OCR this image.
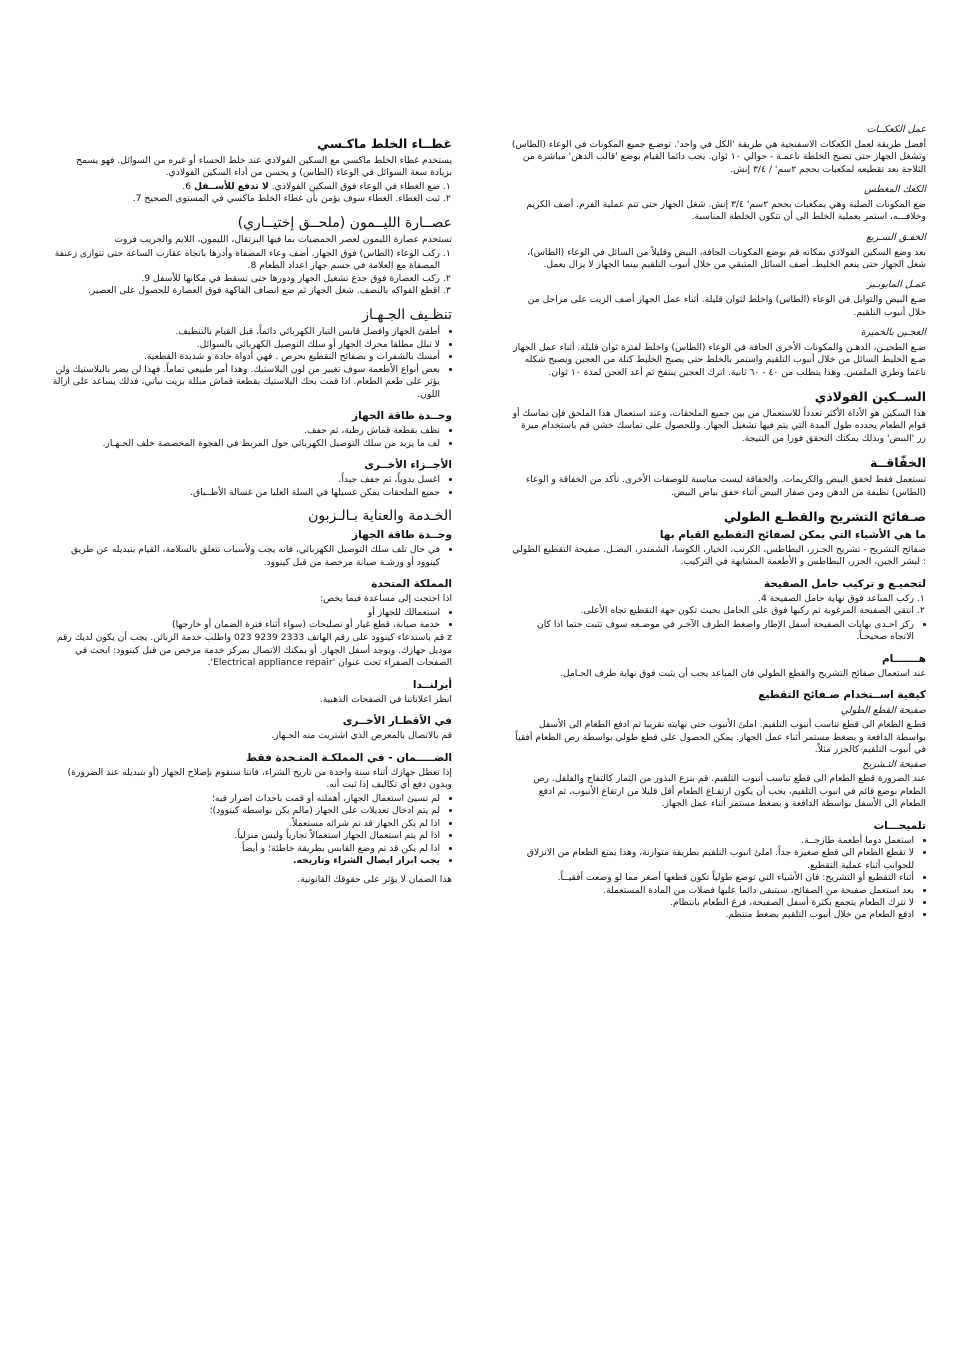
عمل الكعكــات

أفضل طريقة لعمل الكعكات الاسفنجية هي طريقة 'الكل في واحد'. توضـع جميع المكونات في الوعاء (الطاس) وتشغل الجهاز حتى تصبح الخلطة ناعمـة - حوالي ١٠ ثوان. يجب دائما القيام بوضع 'قالب الدهن' مباشرة من الثلاجة بعد تقطيعه لمكعبات بحجم ٢سم' / ٣/٤ إنش.

الكعك المغطس

ضع المكونات الصلبة وهي بمكعبات بحجم ٢سم' ٣/٤ إنش. شغل الجهاز حتى تتم عملية الفرم. أضف الكريم وخلافـــه، استمر بعملية الخلط الى أن تتكون الخلطة المناسبة.

الخفـق السـريع

بعد وضع السكين الفولاذي بمكانه قم بوضع المكونات الجافة، البيض وقليلاً من السائل في الوعاء (الطاس)، شغل الجهاز حتى ينعم الخليط. أضف السائل المتبقي من خلال أنبوب التلقيم بينما الجهاز لا يزال يعمل.

عمـل المايونـيز

ضـع البيض والتوابل في الوعاء (الطاس) واخلط لثوان قليلة. أثناء عمل الجهاز أضف الزيت على مراحل من خلال أنبوب التلقيم.

العجـين بالخميرة

ضـع الطحيـن، الدهـن والمكونات الأخرى الجافة في الوعاء (الطاس) واخلط لفترة ثوان قليلة. أثناء عمل الجهاز ضـع الخليط السائل من خلال أنبوب التلقيم واستمر بالخلط حتى يصبح الخليط كتلة من العجين ويصبح شكله ناعما وطري الملمس. وهذا يتطلب من ٤٠ - ٦٠ ثانية. اترك العجين ينتفخ ثم أعد العجن لمدة ١٠ ثوان.

الســكين الفولاذي

هذا السكين هو الأداة الأكثر تعدداً للاستعمال من بين جميع الملحقات، وعند استعمال هذا الملحق فإن تماسك أو قوام الطعام يحدده طول المدة التي يتم فيها تشغيل الجهاز. وللحصول على تماسك خشن قم باستخدام ميزة زر 'النبض' وبذلك يمكنك التحقق فورا من النتيجة.

الخفّاقــة

تستعمل فقط لخفق البيض والكريمات. والخفاقة ليست مناسبة للوصفات الأخرى. تأكد من الخفاقة و الوعاء (الطاس) نظيفة من الدهن ومن صفار البيض أثناء خفق بياض البيض.

صـفائح التشريح والقطـع الطولي
ما هي الأشياء التي يمكن لصفائح التقطيع القيام بها

صفائح التشريح - تشريح الجـزر، البطاطس، الكرنب، الخيار، الكوسا، الشمندر، البصـل. صفيحة التقطيع الطولي : لبشر الجبن، الجزر، البطاطس و الأطعمة المشابهة في التركيب.

لتجميـع و تركيب حامل الصفيحة
1. ركب المباعد فوق نهاية حامل الصفيحة 4.
2. انتقي الصفيحة المرغوبة ثم ركبها فوق على الحامل بحيث تكون جهة التقطيع تجاه الأعلى.
• ركز احـدى نهايات الصفيحة أسفل الإطار واضغط الطرف الآخـر في موضـعه سوف تثبت حتما اذا كان الاتجاه صحيحـاً.
هـــــــام

عند استعمال صفائح التشريح والقطع الطولي فان المباعد يجب أن يثبت فوق نهاية طرف الحـامل.

كيفية اســتخدام صـفائح التقطيع
صفيحة القطع الطولي

قطـع الطعام الى قطع تناسب أنبوب التلقيم. املئ الأنبوب حتى نهايته تقريبا ثم ادفع الطعام الى الأسفل بواسطة الدافعة و بضغط مستمر أثناء عمل الجهاز. يمكن الحصول على قطع طولي بواسطة رص الطعام أفقياً في أنبوب التلقيم كالجزر مثلاً.

صفيحة التـشريح

عند الضرورة قطع الطعام الى قطع تناسب أنبوب التلقيم. قم بنزع البذور من الثمار كالتفاح والفلفل. رص الطعام بوضع قائم في انبوب التلقيم، يجب أن يكون ارتفـاع الطعام أقل قليلا من ارتفاع الأنبوب، ثم ادفع الطعام الى الأسفل بواسطة الدافعة و بضغط مستمر أثناء عمل الجهاز.

تلميحـــات
• استعمل دوما أطعمة طازجــة.
• لا تقطع الطعام الى قطع صغيرة جداً. املئ انبوب التلقيم بطريقة متوازنة، وهذا يمنع الطعام من الانزلاق للجوانب أثناء عملية التقطيع.
• أثناء التقطيع أو التشريح: فان الأشياء التي توضع طولياً تكون قطعها أصغر مما لو وضعت أفقيــاً.
• بعد استعمل صفيحة من الصفائح، سيتبقى دائما عليها فضلات من المادة المستعملة.
• لا تترك الطعام يتجمع بكثرة أسفل الصفيحة، فرغ الطعام بانتظام.
• ادفع الطعام من خلال أنبوب التلقيم بضغط منتظم.
غطــاء الخلط ماكـسي

يستخدم غطاء الخلط ماكسي مع السكين الفولاذي عند خلط الحساء أو غيره من السوائل. فهو يسمح بزيادة سعة السوائل في الوعاء (الطاس) و يحسن من أداء السكين الفولاذي.

1. ضع الغطاء في الوعاء فوق السكين الفولاذي. لا تدفع للأســفل 6.
2. ثبت الغطاء. الغطاء سوف يؤمن بأن غطاء الخلط ماكسي في المستوى الصحيح 7.
عصــارة الليــمون (ملحــق إختيــاري)

تستخدم عصارة الليمون لعصر الحمضيات بما فيها البرتقال، الليمون، اللايم والجريب فروت

1. ركب الوعاء (الطاس) فوق الجهاز. أضف وعاء المصفاة وأدرها باتجاه عقارب الساعة حتى تتوازى زعنفة المصفاة مع العلامة في جسم جهاز اعداد الطعام 8.
2. ركب العصارة فوق جذع تشغيل الجهاز ودورها حتى تسقط في مكانها للأسفل 9.
3. اقطع الفواكه بالنصف. شغل الجهاز ثم ضع انصاف الفاكهة فوق العصارة للحصول على العصير.
تنظـيف الجـهـاز
• أطفئ الجهاز وافصل قابس التيار الكهربائي دائماً، قبل القيام بالتنظيف.
• لا تبلل مطلقا محرك الجهاز أو سلك التوصيل الكهربائي بالسوائل.
• أمسك بالشفرات و بصفائح التقطيع بحرص . فهي أدواة حادة و شديدة القطعية.
• بعض أنواع الأطعمة سوف تغيير من لون البلاستيك. وهذا أمر طبيعي تماماً. فهذا لن يضر بالبلاستيك ولن يؤثر على طعم الطعام. اذا قمت بحك البلاستيك بقطعة قماش مبللة بزيت نباتي، فذلك يساعد على ازالة اللون.
وحــدة طاقة الجهاز
• نظف بقطعة قماش رطبة، ثم جفف.
• لف ما يزيد من سلك التوصيل الكهربائي حول المربط في الفجوة المخصصة خلف الجـهـاز.
الأجــزاء الأخــرى
• اغسل يدوياً، ثم جفف جيداً.
• جميع الملحقات يمكن غسيلها في السلة العليا من غسالة الأطــباق.
الخـدمة والعناية بـالـزبون
وحــدة طاقة الجهاز
• في حال تلف سلك التوصيل الكهربائي، فانه يجب ولأسباب تتعلق بالسلامة، القيام بتبديله عن طريق كينوود أو ورشـة صيانة مرخصة من قبل كينوود.
المملكة المتحدة

اذا احتجت إلى مساعدة فيما يخص:

• استعمالك للجهاز أو
• خدمة صيانة، قطع غيار أو تصليحات (سواء أثناء فترة الضمان أو خارجها)

z قم باستدعاء كينوود على رقم الهاتف 2333 9239 023 واطلب خدمة الزبائن. يجب أن يكون لديك رقم موديل جهازك. ويوجد أسفل الجهاز. أو يمكنك الاتصال بمركز خدمة مرخص من قبل كينوود: ابحث في الصفحات الصفراء تحت عنوان 'Electrical appliance repair'.

أيرلنــدا

انظر اعلاناتنا في الصفحات الذهبية.

في الأقطـار الأخــرى

قم بالاتصال بالمعرض الذي اشتريت منه الجـهاز.

الضـــــمان - في المملكـة المتـحدة فقط

إذا تعطل جهازك أثناء سنة واحدة من تاريخ الشراء، فاننا سنقوم بإصلاح الجهاز (أو بتبديله عند الضرورة) وبدون دفع أي تكاليف إذا ثبت أنه.

• لم تسيئ استعمال الجهاز، أهملته أو قمت باحداث اضرار فيه؛
• لم يتم ادخال تعديلات على الجهاز (مالم يكن بواسطة كينوود)؛
• اذا لم يكن الجهاز قد تم شرائه مستعملاً.
• اذا لم يتم استعمال الجهاز استعمالاً تجارياً وليس منزلياً.
• اذا لم يكن قد تم وضع القابس بطريقة خاطئة؛ و أيضاً
• يجب ابراز ايصال الشراء وتاريخه.

هذا الضمان لا يؤثر على حقوقك القانونية.
